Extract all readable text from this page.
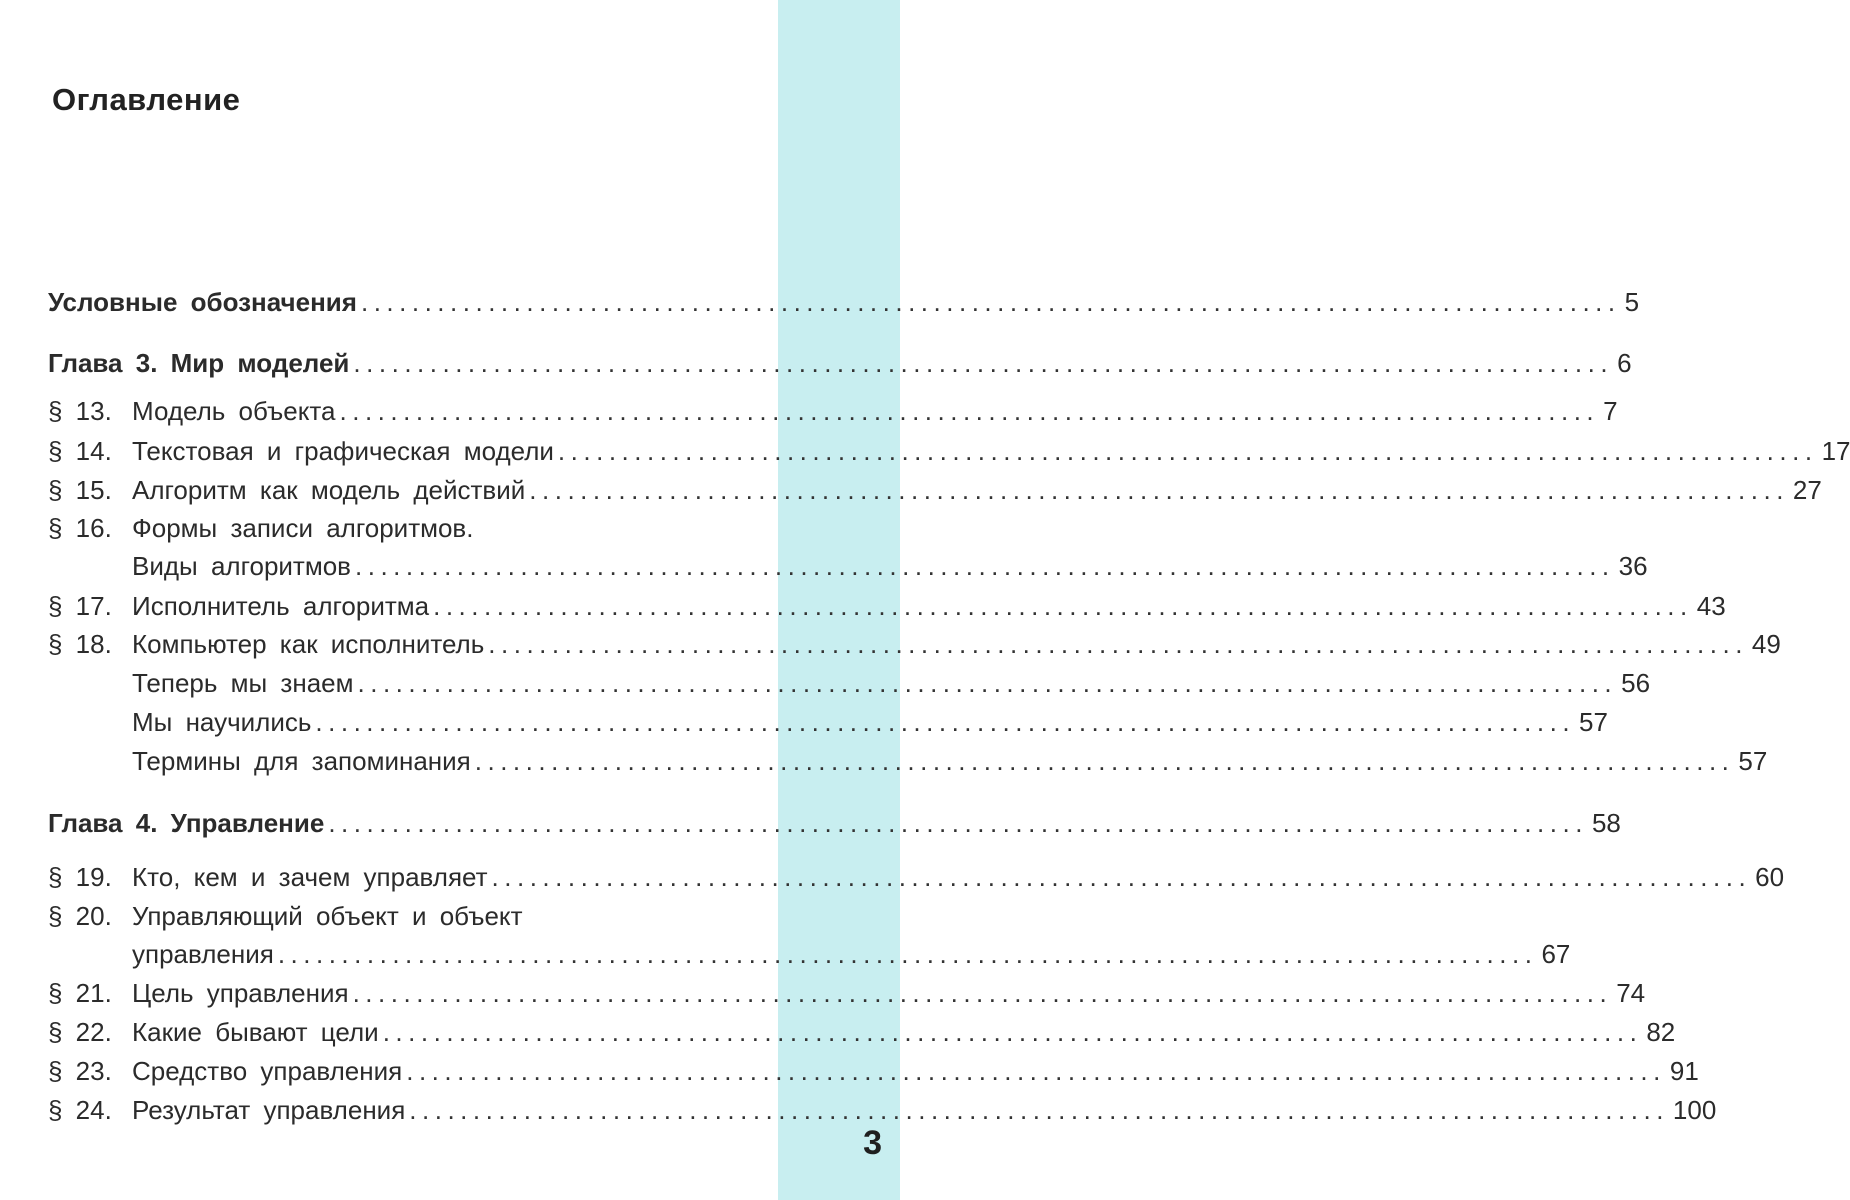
3
Оглавление
Условные обозначения ................................................................................................... 5
Глава 3. Мир моделей ................................................................................................... 6
§ 13. Модель объекта ................................................................................................... 7
§ 14. Текстовая и графическая модели ................................................................................................... 17
§ 15. Алгоритм как модель действий ................................................................................................... 27
§ 16. Формы записи алгоритмов.
Виды алгоритмов ................................................................................................... 36
§ 17. Исполнитель алгоритма ................................................................................................... 43
§ 18. Компьютер как исполнитель ................................................................................................... 49
Теперь мы знаем ................................................................................................... 56
Мы научились ................................................................................................... 57
Термины для запоминания ................................................................................................... 57
Глава 4. Управление ................................................................................................... 58
§ 19. Кто, кем и зачем управляет ................................................................................................... 60
§ 20. Управляющий объект и объект
управления ................................................................................................... 67
§ 21. Цель управления ................................................................................................... 74
§ 22. Какие бывают цели ................................................................................................... 82
§ 23. Средство управления ................................................................................................... 91
§ 24. Результат управления ................................................................................................... 100
